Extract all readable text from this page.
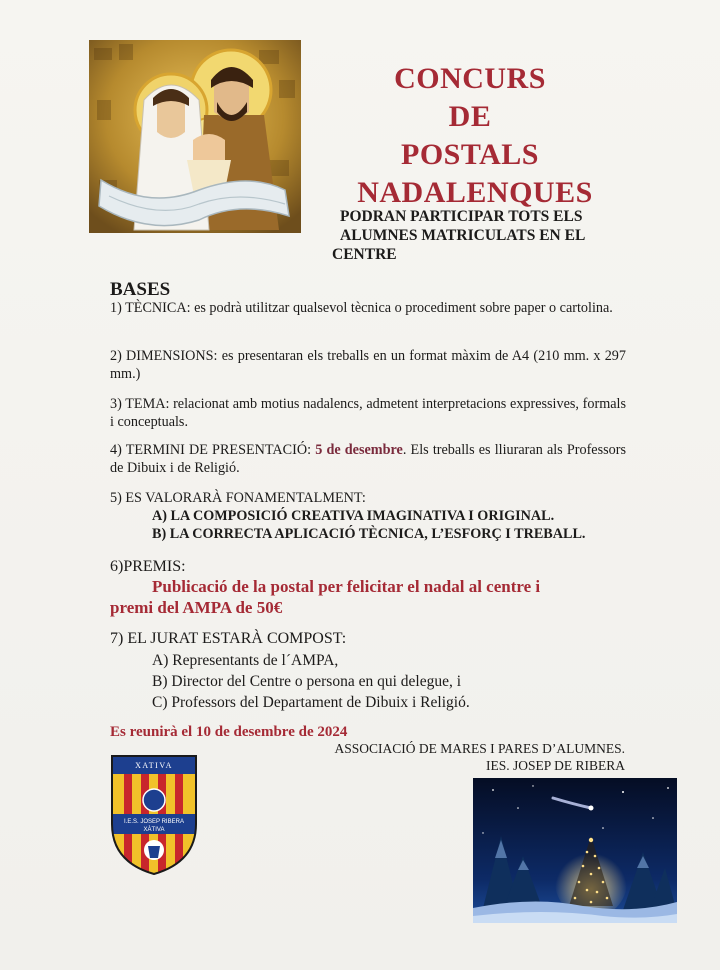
CONCURS
DE
POSTALS
NADALENQUES
PODRAN PARTICIPAR TOTS ELS
ALUMNES MATRICULATS EN EL
CENTRE
BASES
1) TÈCNICA: es podrà utilitzar qualsevol tècnica o procediment sobre paper o cartolina.
2) DIMENSIONS: es presentaran els treballs en un format màxim de A4 (210 mm. x 297 mm.)
3) TEMA: relacionat amb motius nadalencs, admetent interpretacions expressives, formals i conceptuals.
4) TERMINI DE PRESENTACIÓ: 5 de desembre. Els treballs es lliuraran als Professors de Dibuix i de Religió.
5) ES VALORARÀ FONAMENTALMENT:
A) LA COMPOSICIÓ CREATIVA IMAGINATIVA I ORIGINAL.
B) LA CORRECTA APLICACIÓ TÈCNICA, L’ESFORÇ I TREBALL.
6)PREMIS:
Publicació de la postal per felicitar el nadal al centre i
premi del AMPA de 50€
7) EL JURAT ESTARÀ COMPOST:
A) Representants de l´AMPA,
B) Director del Centre o persona en qui delegue, i
C) Professors del Departament de Dibuix i Religió.
Es reunirà el 10 de desembre de 2024
ASSOCIACIÓ DE MARES I PARES D’ALUMNES.
IES. JOSEP DE RIBERA
XATIVA
I.E.S. JOSEP RIBERA
XÀTIVA
